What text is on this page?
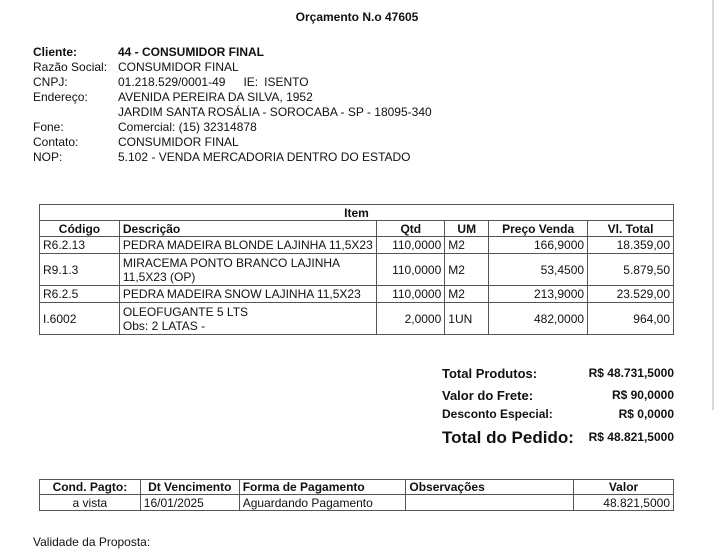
Orçamento N.o 47605
Cliente:	44 - CONSUMIDOR FINAL
Razão Social: CONSUMIDOR FINAL
CNPJ:	01.218.529/0001-49 IE: ISENTO
Endereço:	AVENIDA PEREIRA DA SILVA, 1952
JARDIM SANTA ROSÁLIA - SOROCABA - SP - 18095-340
Fone:	Comercial: (15) 32314878
Contato:	CONSUMIDOR FINAL
NOP:	5.102 - VENDA MERCADORIA DENTRO DO ESTADO
Item					
Código	Descrição	Qtd	UM	Preço Venda	Vl. Total
R6.2.13	PEDRA MADEIRA BLONDE LAJINHA 11,5X23	110,0000	M2	166,9000	18.359,00
R9.1.3	MIRACEMA PONTO BRANCO LAJINHA
11,5X23 (OP)	110,0000	M2	53,4500	5.879,50
R6.2.5	PEDRA MADEIRA SNOW LAJINHA 11,5X23	110,0000	M2	213,9000	23.529,00
I.6002	OLEOFUGANTE 5 LTS
Obs: 2 LATAS -	2,0000	1UN	482,0000	964,00
Total Produtos:	R$ 48.731,5000
Valor do Frete:	R$ 90,0000
Desconto Especial:	R$ 0,0000
Total do Pedido: R$ 48.821,5000
Cond. Pagto:	Dt Vencimento	Forma de Pagamento	Observações	Valor
a vista	16/01/2025	Aguardando Pagamento		48.821,5000
Validade da Proposta:
